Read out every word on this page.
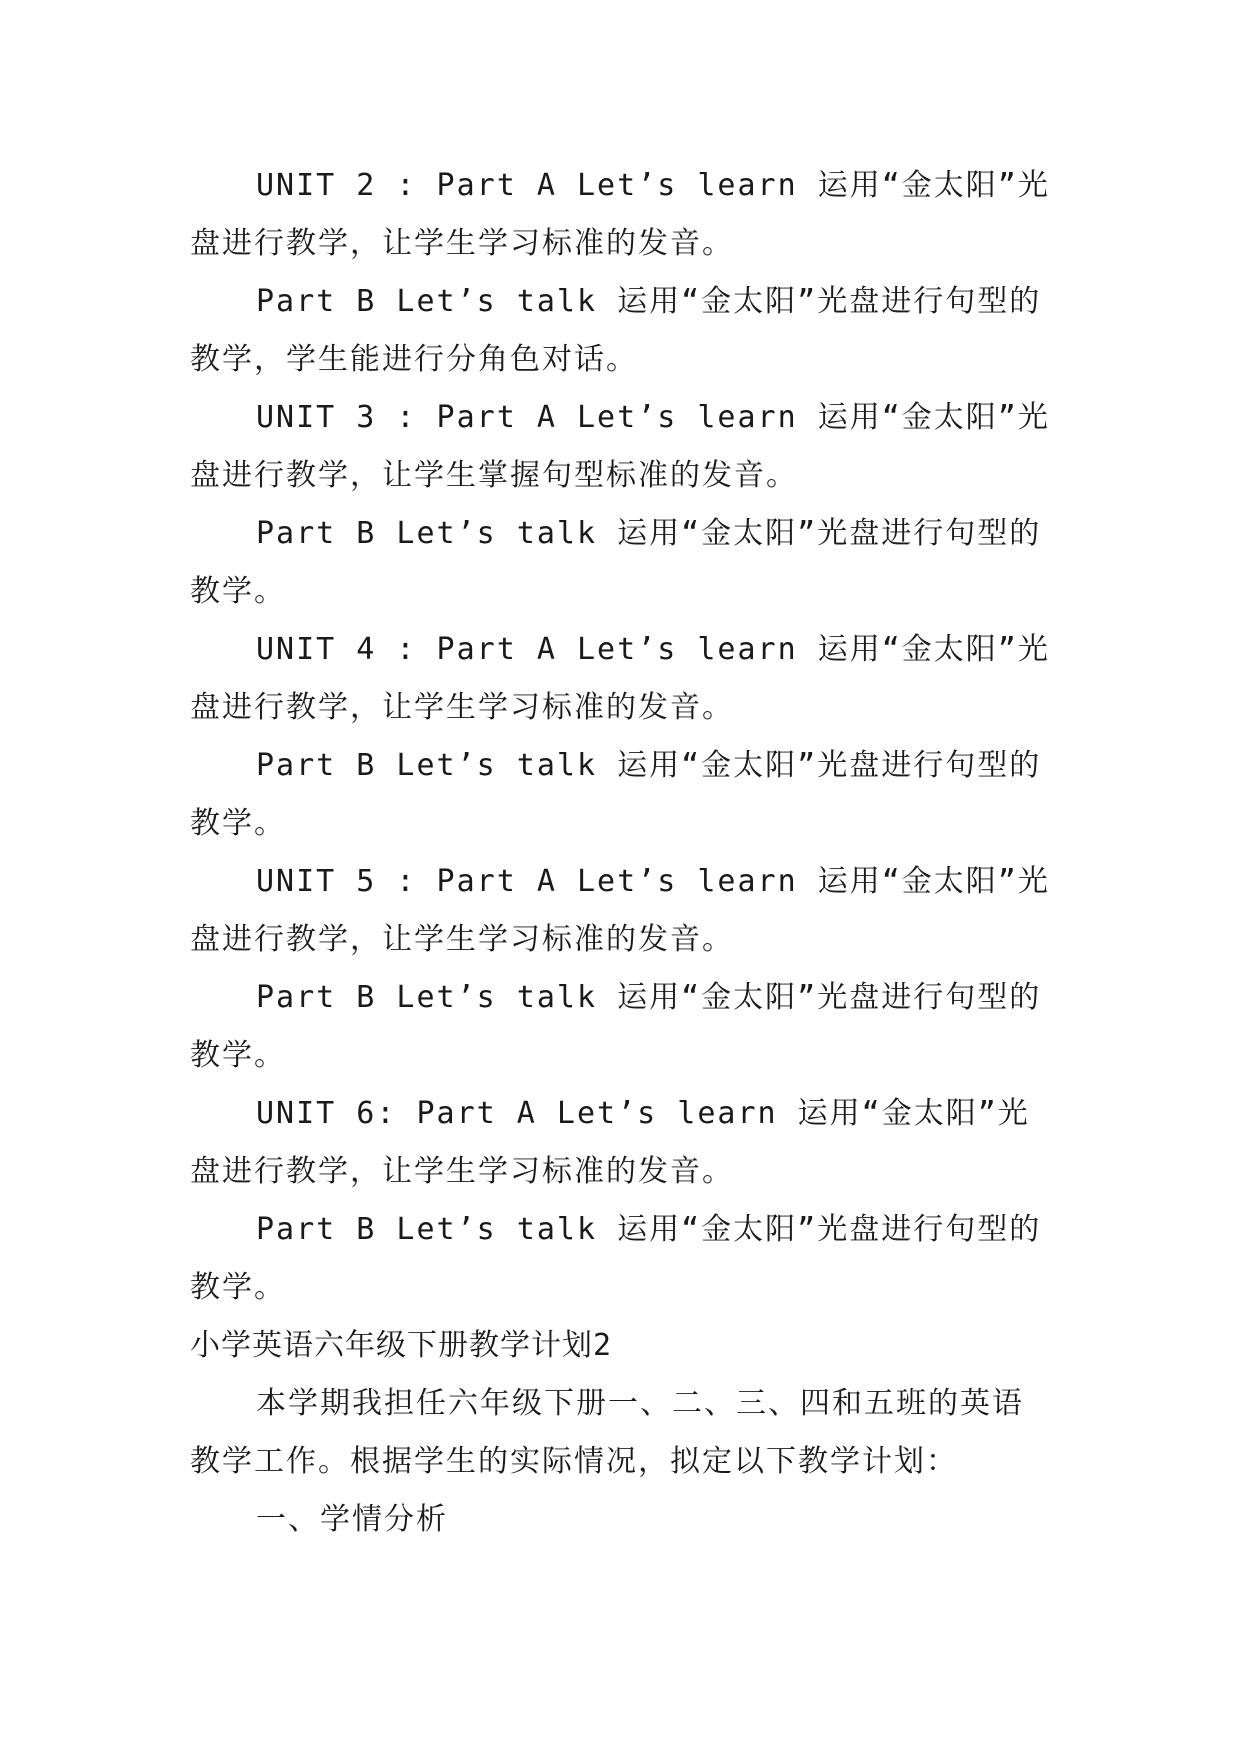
UNIT 2 : Part A Let’s learn 运用“金太阳”光盘进行教学，让学生学习标准的发音。

Part B Let’s talk 运用“金太阳”光盘进行句型的教学，学生能进行分角色对话。

UNIT 3 : Part A Let’s learn 运用“金太阳”光盘进行教学，让学生掌握句型标准的发音。

Part B Let’s talk 运用“金太阳”光盘进行句型的教学。

UNIT 4 : Part A Let’s learn 运用“金太阳”光盘进行教学，让学生学习标准的发音。

Part B Let’s talk 运用“金太阳”光盘进行句型的教学。

UNIT 5 : Part A Let’s learn 运用“金太阳”光盘进行教学，让学生学习标准的发音。

Part B Let’s talk 运用“金太阳”光盘进行句型的教学。

UNIT 6: Part A Let’s learn 运用“金太阳”光盘进行教学，让学生学习标准的发音。

Part B Let’s talk 运用“金太阳”光盘进行句型的教学。

小学英语六年级下册教学计划2

本学期我担任六年级下册一、二、三、四和五班的英语教学工作。根据学生的实际情况，拟定以下教学计划：

一、学情分析
